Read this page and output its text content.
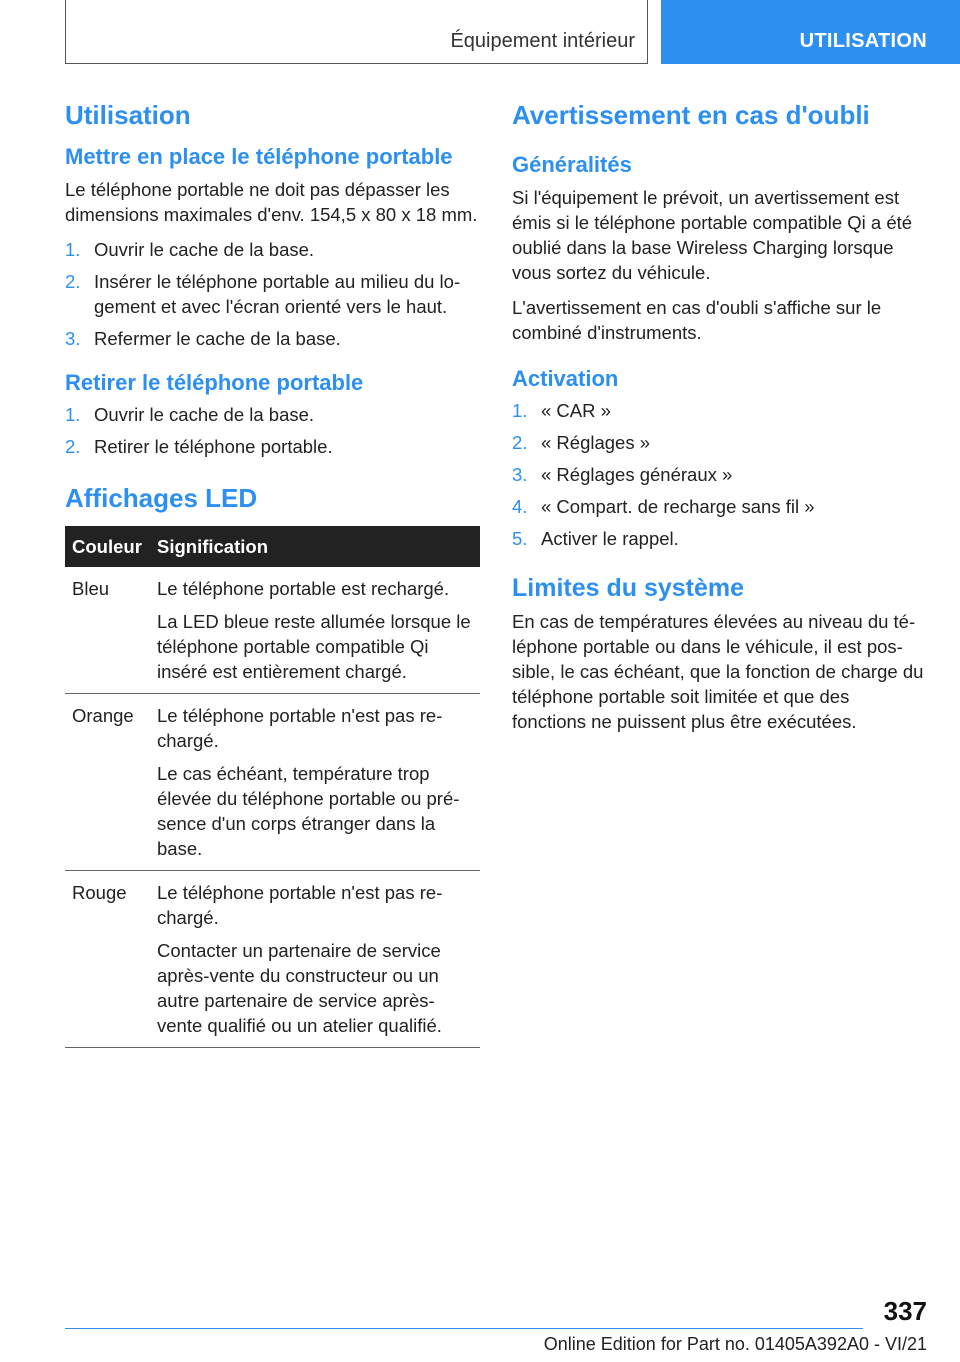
Équipement intérieur	UTILISATION
Utilisation
Mettre en place le téléphone portable

Le téléphone portable ne doit pas dépasser les dimensions maximales d'env. 154,5 x 80 x 18 mm.

1. Ouvrir le cache de la base.
2. Insérer le téléphone portable au milieu du logement et avec l'écran orienté vers le haut.
3. Refermer le cache de la base.
Retirer le téléphone portable
1. Ouvrir le cache de la base.
2. Retirer le téléphone portable.
Affichages LED
Couleur	Signification
Bleu	Le téléphone portable est rechargé.

La LED bleue reste allumée lorsque le téléphone portable compatible Qi inséré est entièrement chargé.

Orange	Le téléphone portable n'est pas rechargé.

Le cas échéant, température trop élevée du téléphone portable ou présence d'un corps étranger dans la base.

Rouge	Le téléphone portable n'est pas rechargé.

Contacter un partenaire de service après-vente du constructeur ou un autre partenaire de service après-vente qualifié ou un atelier qualifié.

Avertissement en cas d'oubli
Généralités

Si l'équipement le prévoit, un avertissement est émis si le téléphone portable compatible Qi a été oublié dans la base Wireless Charging lorsque vous sortez du véhicule.

L'avertissement en cas d'oubli s'affiche sur le combiné d'instruments.

Activation
1. « CAR »
2. « Réglages »
3. « Réglages généraux »
4. « Compart. de recharge sans fil »
5. Activer le rappel.
Limites du système

En cas de températures élevées au niveau du téléphone portable ou dans le véhicule, il est possible, le cas échéant, que la fonction de charge du téléphone portable soit limitée et que des fonctions ne puissent plus être exécutées.

337
Online Edition for Part no. 01405A392A0 - VI/21
